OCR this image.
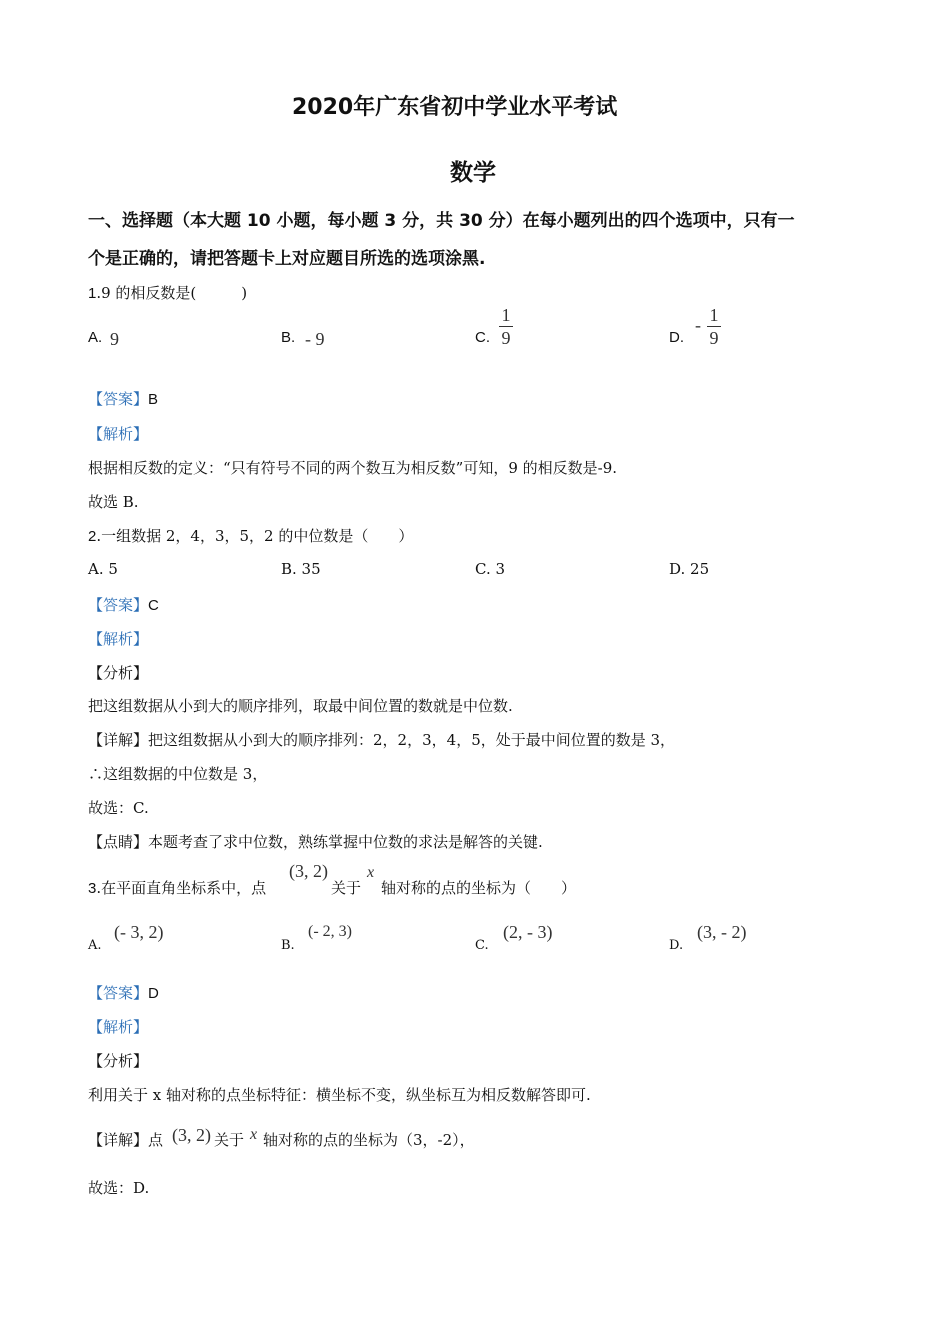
2020年广东省初中学业水平考试
数学
一、选择题（本大题 10 小题，每小题 3 分，共 30 分）在每小题列出的四个选项中，只有一
个是正确的，请把答题卡上对应题目所选的选项涂黑.
1.9 的相反数是(　　　)
A. 9	B. - 9	C.
1
9	D.
- 1
9
【答案】B
【解析】
根据相反数的定义：“只有符号不同的两个数互为相反数”可知，9 的相反数是-9.
故选 B.
2.一组数据 2，4，3，5，2 的中位数是（　　）
A. 5	B. 35	C. 3	D. 25
【答案】C
【解析】
【分析】
把这组数据从小到大的顺序排列，取最中间位置的数就是中位数.
【详解】把这组数据从小到大的顺序排列：2，2，3，4，5，处于最中间位置的数是 3，
∴这组数据的中位数是 3，
故选：C.
【点睛】本题考查了求中位数，熟练掌握中位数的求法是解答的关键.
3.在平面直角坐标系中，点
(3, 2)
关于
x
轴对称的点的坐标为（　　）
A.
(- 3, 2)
B.
(- 2, 3)
C.
(2, - 3)
D.
(3, - 2)
【答案】D
【解析】
【分析】
利用关于 x 轴对称的点坐标特征：横坐标不变，纵坐标互为相反数解答即可.
【详解】点 (3, 2) 关于 x 轴对称的点的坐标为（3，-2），
故选：D.
